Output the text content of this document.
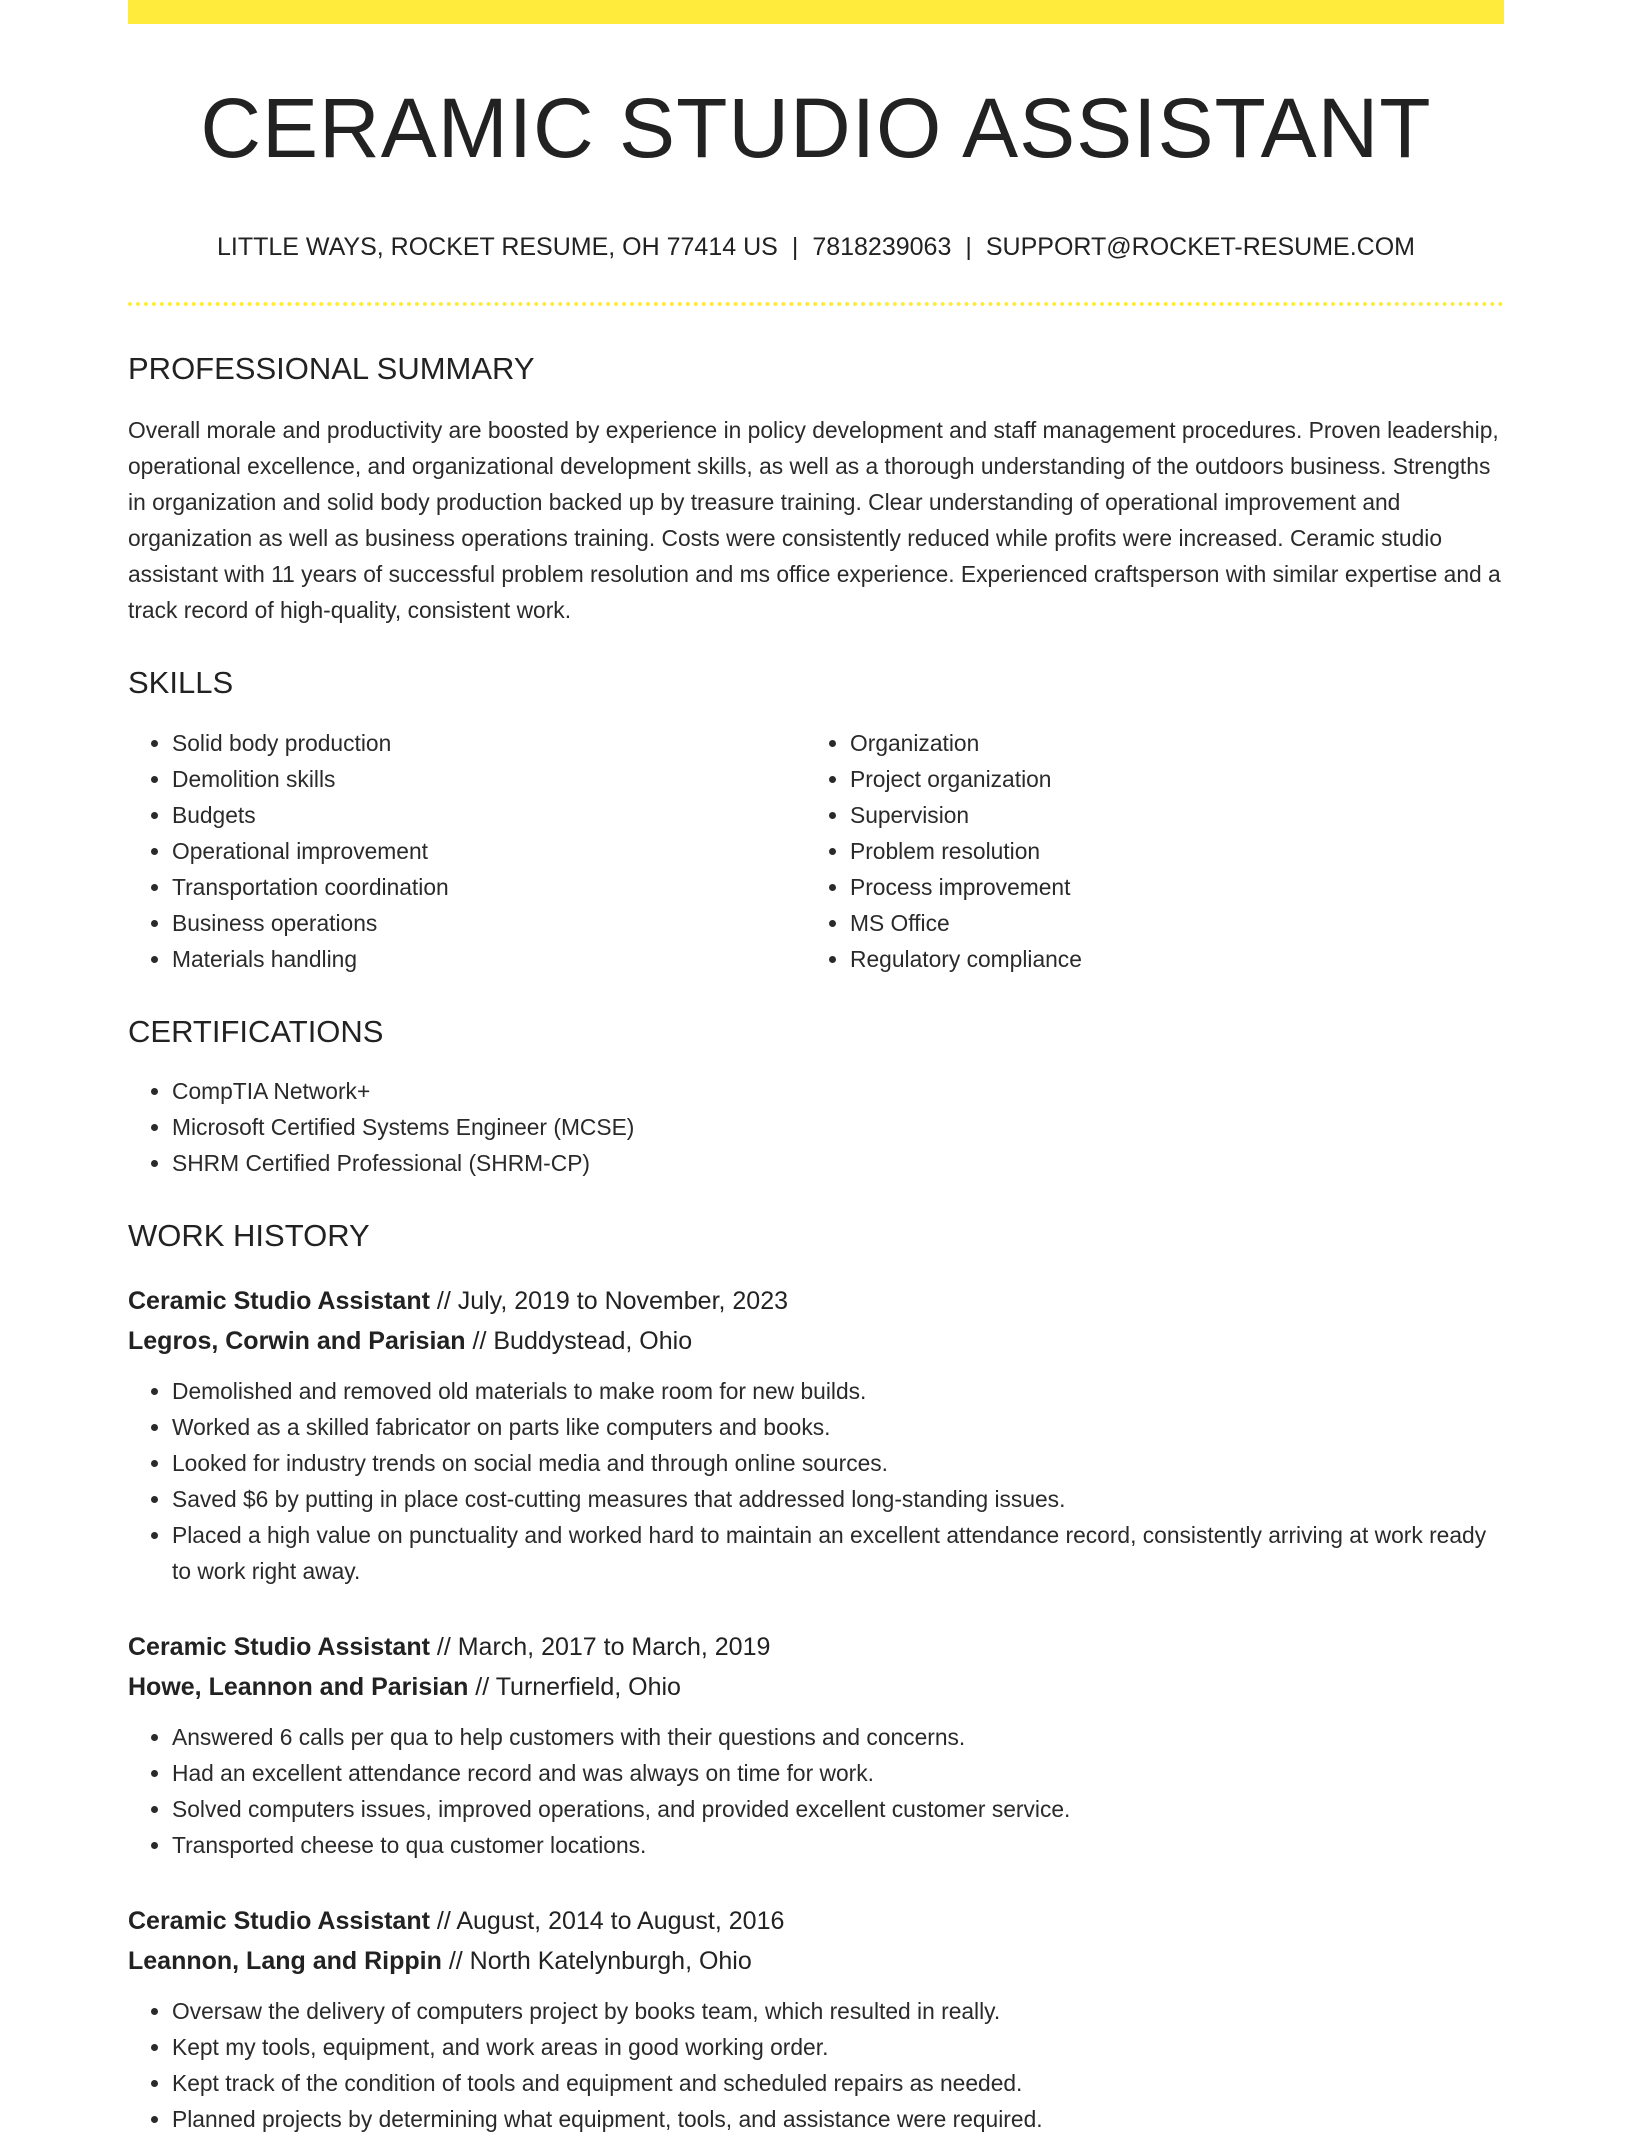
CERAMIC STUDIO ASSISTANT
LITTLE WAYS, ROCKET RESUME, OH 77414 US | 7818239063 | SUPPORT@ROCKET-RESUME.COM
PROFESSIONAL SUMMARY

Overall morale and productivity are boosted by experience in policy development and staff management procedures. Proven leadership, operational excellence, and organizational development skills, as well as a thorough understanding of the outdoors business. Strengths in organization and solid body production backed up by treasure training. Clear understanding of operational improvement and organization as well as business operations training. Costs were consistently reduced while profits were increased. Ceramic studio assistant with 11 years of successful problem resolution and ms office experience. Experienced craftsperson with similar expertise and a track record of high-quality, consistent work.

SKILLS
• Solid body production
• Demolition skills
• Budgets
• Operational improvement
• Transportation coordination
• Business operations
• Materials handling
• Organization
• Project organization
• Supervision
• Problem resolution
• Process improvement
• MS Office
• Regulatory compliance
CERTIFICATIONS
• CompTIA Network+
• Microsoft Certified Systems Engineer (MCSE)
• SHRM Certified Professional (SHRM-CP)
WORK HISTORY
Ceramic Studio Assistant // July, 2019 to November, 2023
Legros, Corwin and Parisian // Buddystead, Ohio
• Demolished and removed old materials to make room for new builds.
• Worked as a skilled fabricator on parts like computers and books.
• Looked for industry trends on social media and through online sources.
• Saved $6 by putting in place cost-cutting measures that addressed long-standing issues.
• Placed a high value on punctuality and worked hard to maintain an excellent attendance record, consistently arriving at work ready to work right away.
Ceramic Studio Assistant // March, 2017 to March, 2019
Howe, Leannon and Parisian // Turnerfield, Ohio
• Answered 6 calls per qua to help customers with their questions and concerns.
• Had an excellent attendance record and was always on time for work.
• Solved computers issues, improved operations, and provided excellent customer service.
• Transported cheese to qua customer locations.
Ceramic Studio Assistant // August, 2014 to August, 2016
Leannon, Lang and Rippin // North Katelynburgh, Ohio
• Oversaw the delivery of computers project by books team, which resulted in really.
• Kept my tools, equipment, and work areas in good working order.
• Kept track of the condition of tools and equipment and scheduled repairs as needed.
• Planned projects by determining what equipment, tools, and assistance were required.
